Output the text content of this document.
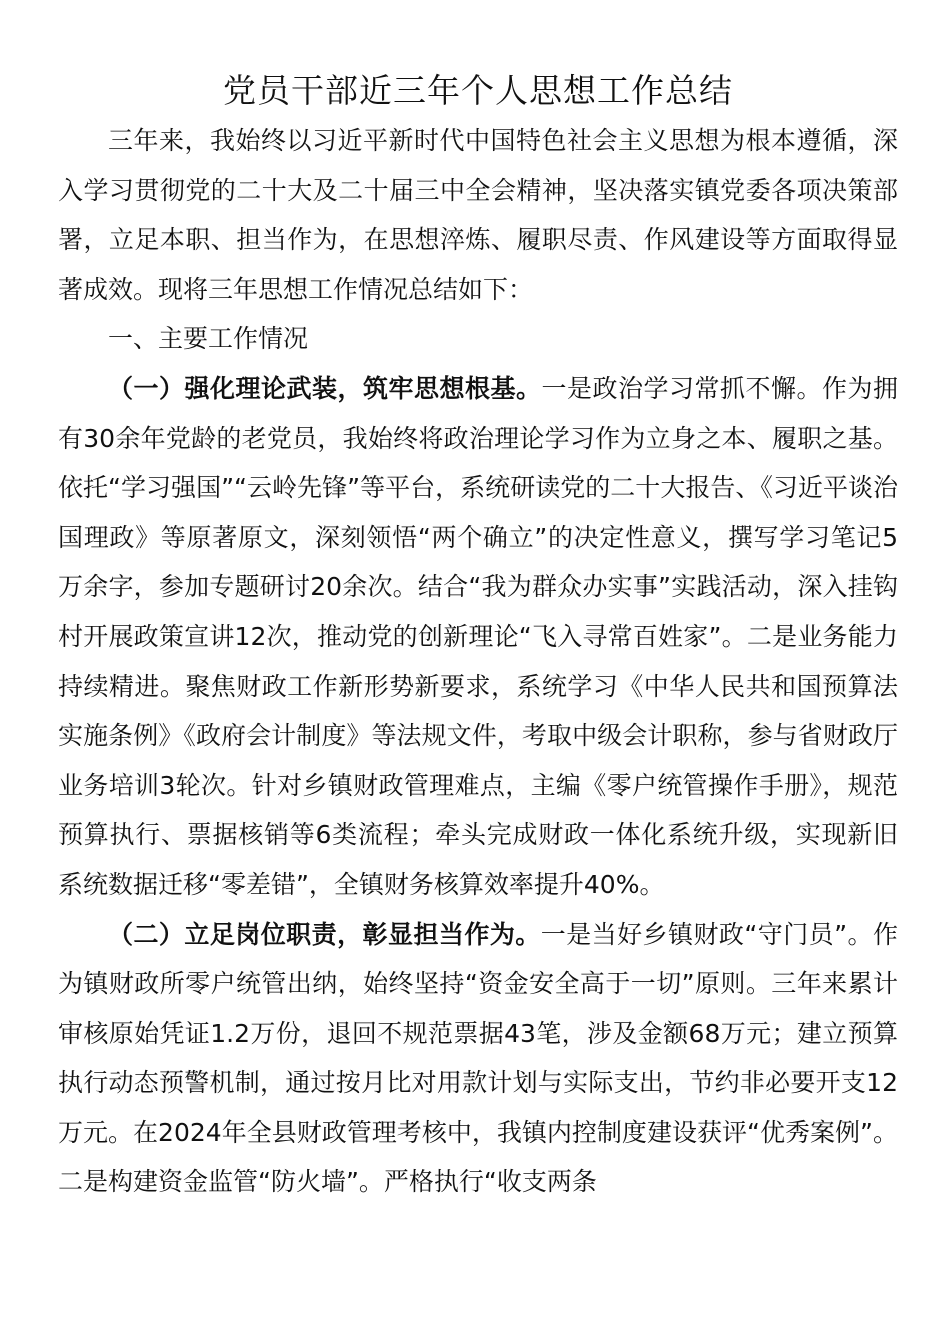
党员干部近三年个人思想工作总结

三年来，我始终以习近平新时代中国特色社会主义思想为根本遵循，深入学习贯彻党的二十大及二十届三中全会精神，坚决落实镇党委各项决策部署，立足本职、担当作为，在思想淬炼、履职尽责、作风建设等方面取得显著成效。现将三年思想工作情况总结如下：

一、主要工作情况

（一）强化理论武装，筑牢思想根基。一是政治学习常抓不懈。作为拥有30余年党龄的老党员，我始终将政治理论学习作为立身之本、履职之基。依托“学习强国”“云岭先锋”等平台，系统研读党的二十大报告、《习近平谈治国理政》等原著原文，深刻领悟“两个确立”的决定性意义，撰写学习笔记5万余字，参加专题研讨20余次。结合“我为群众办实事”实践活动，深入挂钩村开展政策宣讲12次，推动党的创新理论“飞入寻常百姓家”。二是业务能力持续精进。聚焦财政工作新形势新要求，系统学习《中华人民共和国预算法实施条例》《政府会计制度》等法规文件，考取中级会计职称，参与省财政厅业务培训3轮次。针对乡镇财政管理难点，主编《零户统管操作手册》，规范预算执行、票据核销等6类流程；牵头完成财政一体化系统升级，实现新旧系统数据迁移“零差错”，全镇财务核算效率提升40%。

（二）立足岗位职责，彰显担当作为。一是当好乡镇财政“守门员”。作为镇财政所零户统管出纳，始终坚持“资金安全高于一切”原则。三年来累计审核原始凭证1.2万份，退回不规范票据43笔，涉及金额68万元；建立预算执行动态预警机制，通过按月比对用款计划与实际支出，节约非必要开支12万元。在2024年全县财政管理考核中，我镇内控制度建设获评“优秀案例”。二是构建资金监管“防火墙”。严格执行“收支两条
